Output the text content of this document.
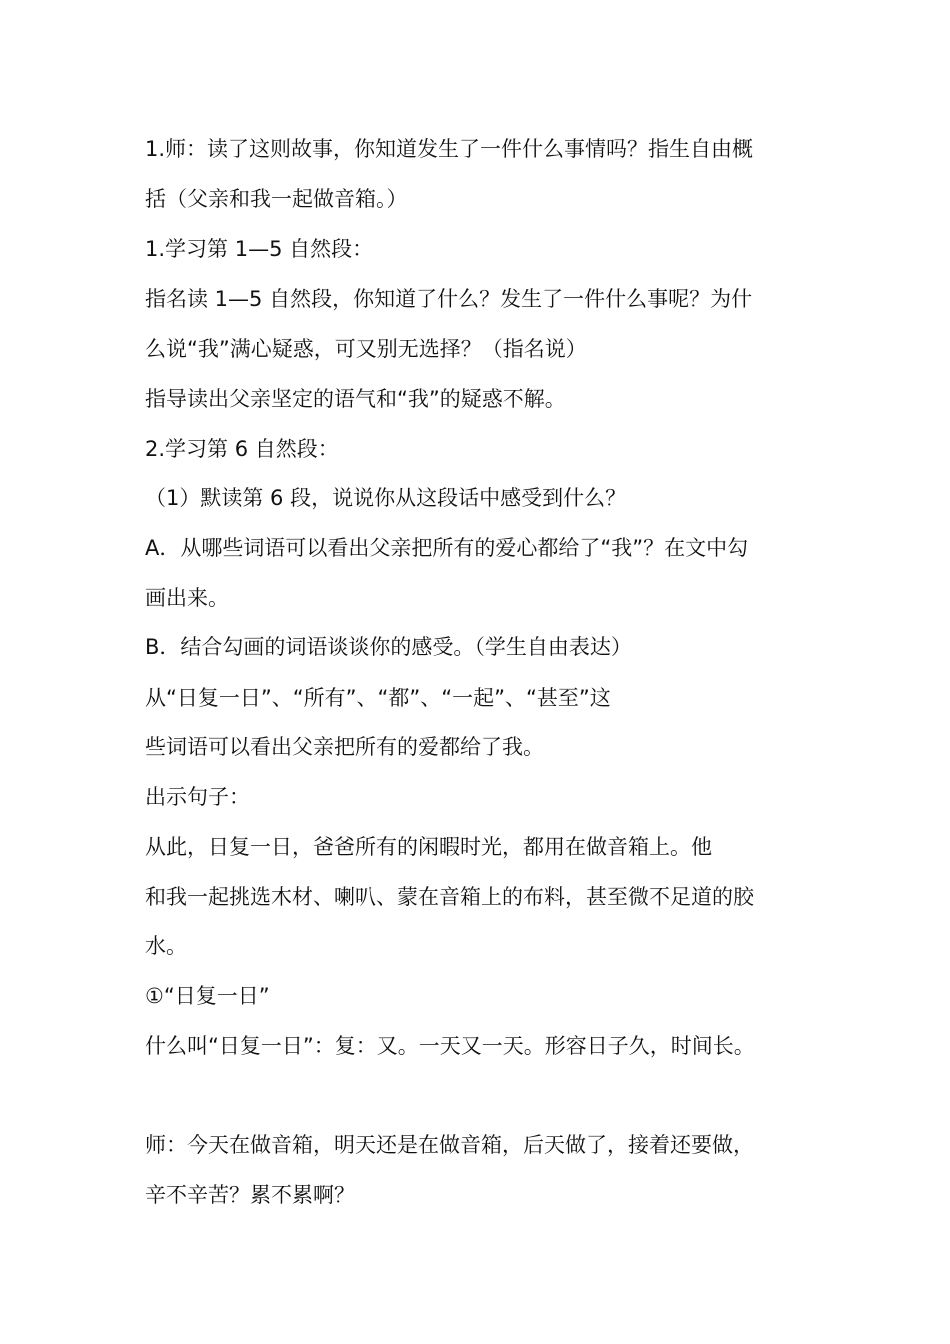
1.师：读了这则故事，你知道发生了一件什么事情吗？指生自由概
括（父亲和我一起做音箱。）
1.学习第 1—5 自然段：
指名读 1—5 自然段，你知道了什么？发生了一件什么事呢？为什
么说“我”满心疑惑，可又别无选择？（指名说）
指导读出父亲坚定的语气和“我”的疑惑不解。
2.学习第 6 自然段：
（1）默读第 6 段，说说你从这段话中感受到什么？
A．从哪些词语可以看出父亲把所有的爱心都给了“我”？在文中勾
画出来。
B．结合勾画的词语谈谈你的感受。（学生自由表达）
从“日复一日”、“所有”、“都”、“一起”、“甚至”这
些词语可以看出父亲把所有的爱都给了我。
出示句子：
从此，日复一日，爸爸所有的闲暇时光，都用在做音箱上。他
和我一起挑选木材、喇叭、蒙在音箱上的布料，甚至微不足道的胶
水。
①“日复一日”
什么叫“日复一日”：复：又。一天又一天。形容日子久，时间长。
师：今天在做音箱，明天还是在做音箱，后天做了，接着还要做，
辛不辛苦？累不累啊？
